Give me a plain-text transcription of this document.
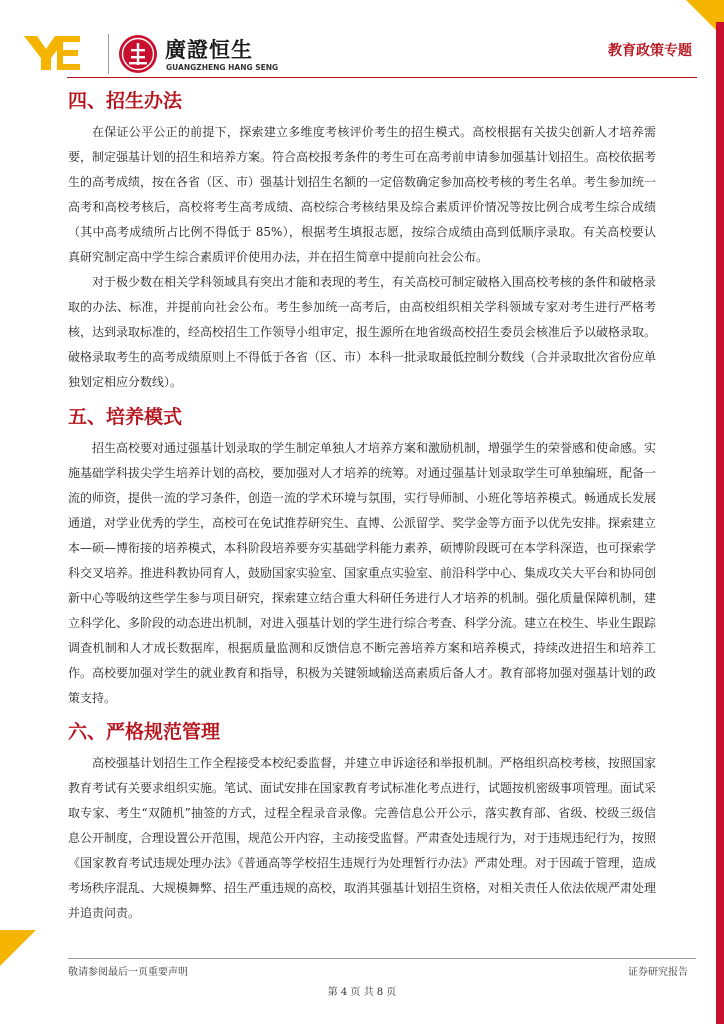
廣證恒生
GUANGZHENG HANG SENG
教育政策专题
四、招生办法

在保证公平公正的前提下，探索建立多维度考核评价考生的招生模式。高校根据有关拔尖创新人才培养需要，制定强基计划的招生和培养方案。符合高校报考条件的考生可在高考前申请参加强基计划招生。高校依据考生的高考成绩，按在各省（区、市）强基计划招生名额的一定倍数确定参加高校考核的考生名单。考生参加统一高考和高校考核后，高校将考生高考成绩、高校综合考核结果及综合素质评价情况等按比例合成考生综合成绩（其中高考成绩所占比例不得低于 85%），根据考生填报志愿，按综合成绩由高到低顺序录取。有关高校要认真研究制定高中学生综合素质评价使用办法，并在招生简章中提前向社会公布。

对于极少数在相关学科领域具有突出才能和表现的考生，有关高校可制定破格入围高校考核的条件和破格录取的办法、标准，并提前向社会公布。考生参加统一高考后，由高校组织相关学科领域专家对考生进行严格考核，达到录取标准的，经高校招生工作领导小组审定，报生源所在地省级高校招生委员会核准后予以破格录取。破格录取考生的高考成绩原则上不得低于各省（区、市）本科一批录取最低控制分数线（合并录取批次省份应单独划定相应分数线）。

五、培养模式

招生高校要对通过强基计划录取的学生制定单独人才培养方案和激励机制，增强学生的荣誉感和使命感。实施基础学科拔尖学生培养计划的高校，要加强对人才培养的统筹。对通过强基计划录取学生可单独编班，配备一流的师资，提供一流的学习条件，创造一流的学术环境与氛围，实行导师制、小班化等培养模式。畅通成长发展通道，对学业优秀的学生，高校可在免试推荐研究生、直博、公派留学、奖学金等方面予以优先安排。探索建立本—硕—博衔接的培养模式，本科阶段培养要夯实基础学科能力素养，硕博阶段既可在本学科深造，也可探索学科交叉培养。推进科教协同育人，鼓励国家实验室、国家重点实验室、前沿科学中心、集成攻关大平台和协同创新中心等吸纳这些学生参与项目研究，探索建立结合重大科研任务进行人才培养的机制。强化质量保障机制，建立科学化、多阶段的动态进出机制，对进入强基计划的学生进行综合考查、科学分流。建立在校生、毕业生跟踪调查机制和人才成长数据库，根据质量监测和反馈信息不断完善培养方案和培养模式，持续改进招生和培养工作。高校要加强对学生的就业教育和指导，积极为关键领域输送高素质后备人才。教育部将加强对强基计划的政策支持。

六、严格规范管理

高校强基计划招生工作全程接受本校纪委监督，并建立申诉途径和举报机制。严格组织高校考核，按照国家教育考试有关要求组织实施。笔试、面试安排在国家教育考试标准化考点进行，试题按机密级事项管理。面试采取专家、考生“双随机”抽签的方式，过程全程录音录像。完善信息公开公示，落实教育部、省级、校级三级信息公开制度，合理设置公开范围，规范公开内容，主动接受监督。严肃查处违规行为，对于违规违纪行为，按照《国家教育考试违规处理办法》《普通高等学校招生违规行为处理暂行办法》严肃处理。对于因疏于管理，造成考场秩序混乱、大规模舞弊、招生严重违规的高校，取消其强基计划招生资格，对相关责任人依法依规严肃处理并追责问责。

敬请参阅最后一页重要声明	证券研究报告
第 4 页 共 8 页
